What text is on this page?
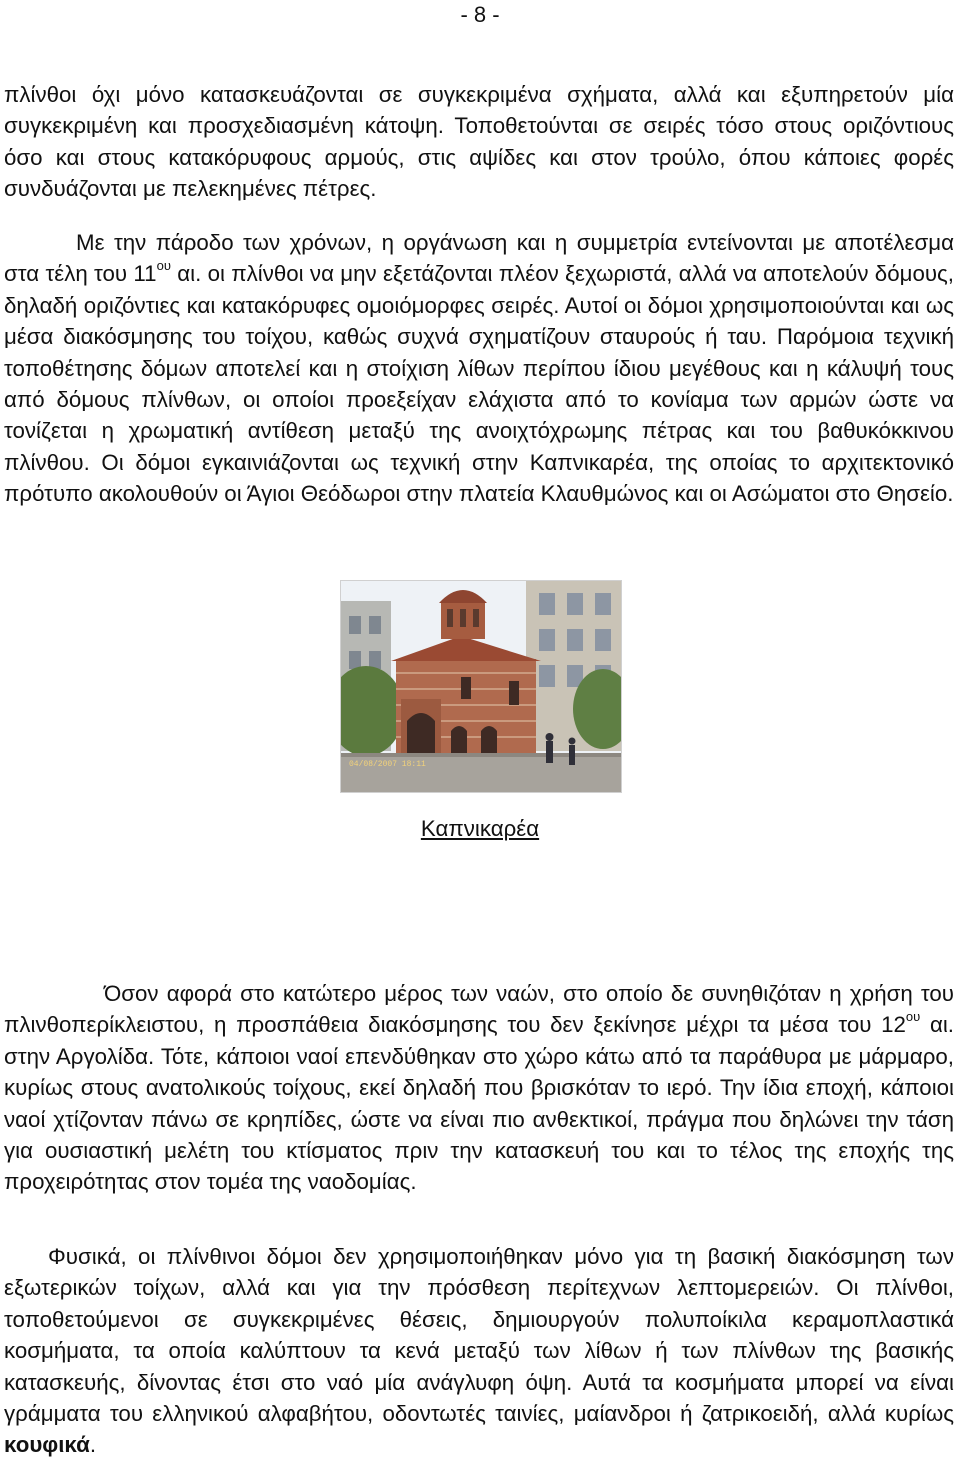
- 8 -

πλίνθοι όχι μόνο κατασκευάζονται σε συγκεκριμένα σχήματα, αλλά και εξυπηρετούν μία συγκεκριμένη και προσχεδιασμένη κάτοψη. Τοποθετούνται σε σειρές τόσο στους οριζόντιους όσο και στους κατακόρυφους αρμούς, στις αψίδες και στον τρούλο, όπου κάποιες φορές συνδυάζονται με πελεκημένες πέτρες.

Με την πάροδο των χρόνων, η οργάνωση και η συμμετρία εντείνονται με αποτέλεσμα στα τέλη του $11^{o\upsilon}$ αι. οι πλίνθοι να μην εξετάζονται πλέον ξεχωριστά, αλλά να αποτελούν δόμους, δηλαδή οριζόντιες και κατακόρυφες ομοιόμορφες σειρές. Αυτοί οι δόμοι χρησιμοποιούνται και ως μέσα διακόσμησης του τοίχου, καθώς συχνά σχηματίζουν σταυρούς ή ταυ. Παρόμοια τεχνική τοποθέτησης δόμων αποτελεί και η στοίχιση λίθων περίπου ίδιου μεγέθους και η κάλυψή τους από δόμους πλίνθων, οι οποίοι προεξείχαν ελάχιστα από το κονίαμα των αρμών ώστε να τονίζεται η χρωματική αντίθεση μεταξύ της ανοιχτόχρωμης πέτρας και του βαθυκόκκινου πλίνθου. Οι δόμοι εγκαινιάζονται ως τεχνική στην Καπνικαρέα, της οποίας το αρχιτεκτονικό πρότυπο ακολουθούν οι Άγιοι Θεόδωροι στην πλατεία Κλαυθμώνος και οι Ασώματοι στο Θησείο.

04/08/2007 18:11
Καπνικαρέα

Όσον αφορά στο κατώτερο μέρος των ναών, στο οποίο δε συνηθιζόταν η χρήση του πλινθοπερίκλειστου, η προσπάθεια διακόσμησης του δεν ξεκίνησε μέχρι τα μέσα του $12^{o\upsilon}$ αι. στην Αργολίδα. Τότε, κάποιοι ναοί επενδύθηκαν στο χώρο κάτω από τα παράθυρα με μάρμαρο, κυρίως στους ανατολικούς τοίχους, εκεί δηλαδή που βρισκόταν το ιερό. Την ίδια εποχή, κάποιοι ναοί χτίζονταν πάνω σε κρηπίδες, ώστε να είναι πιο ανθεκτικοί, πράγμα που δηλώνει την τάση για ουσιαστική μελέτη του κτίσματος πριν την κατασκευή του και το τέλος της εποχής της προχειρότητας στον τομέα της ναοδομίας.

Φυσικά, οι πλίνθινοι δόμοι δεν χρησιμοποιήθηκαν μόνο για τη βασική διακόσμηση των εξωτερικών τοίχων, αλλά και για την πρόσθεση περίτεχνων λεπτομερειών. Οι πλίνθοι, τοποθετούμενοι σε συγκεκριμένες θέσεις, δημιουργούν πολυποίκιλα κεραμοπλαστικά κοσμήματα, τα οποία καλύπτουν τα κενά μεταξύ των λίθων ή των πλίνθων της βασικής κατασκευής, δίνοντας έτσι στο ναό μία ανάγλυφη όψη. Αυτά τα κοσμήματα μπορεί να είναι γράμματα του ελληνικού αλφαβήτου, οδοντωτές ταινίες, μαίανδροι ή ζατρικοειδή, αλλά κυρίως κουφικά.
